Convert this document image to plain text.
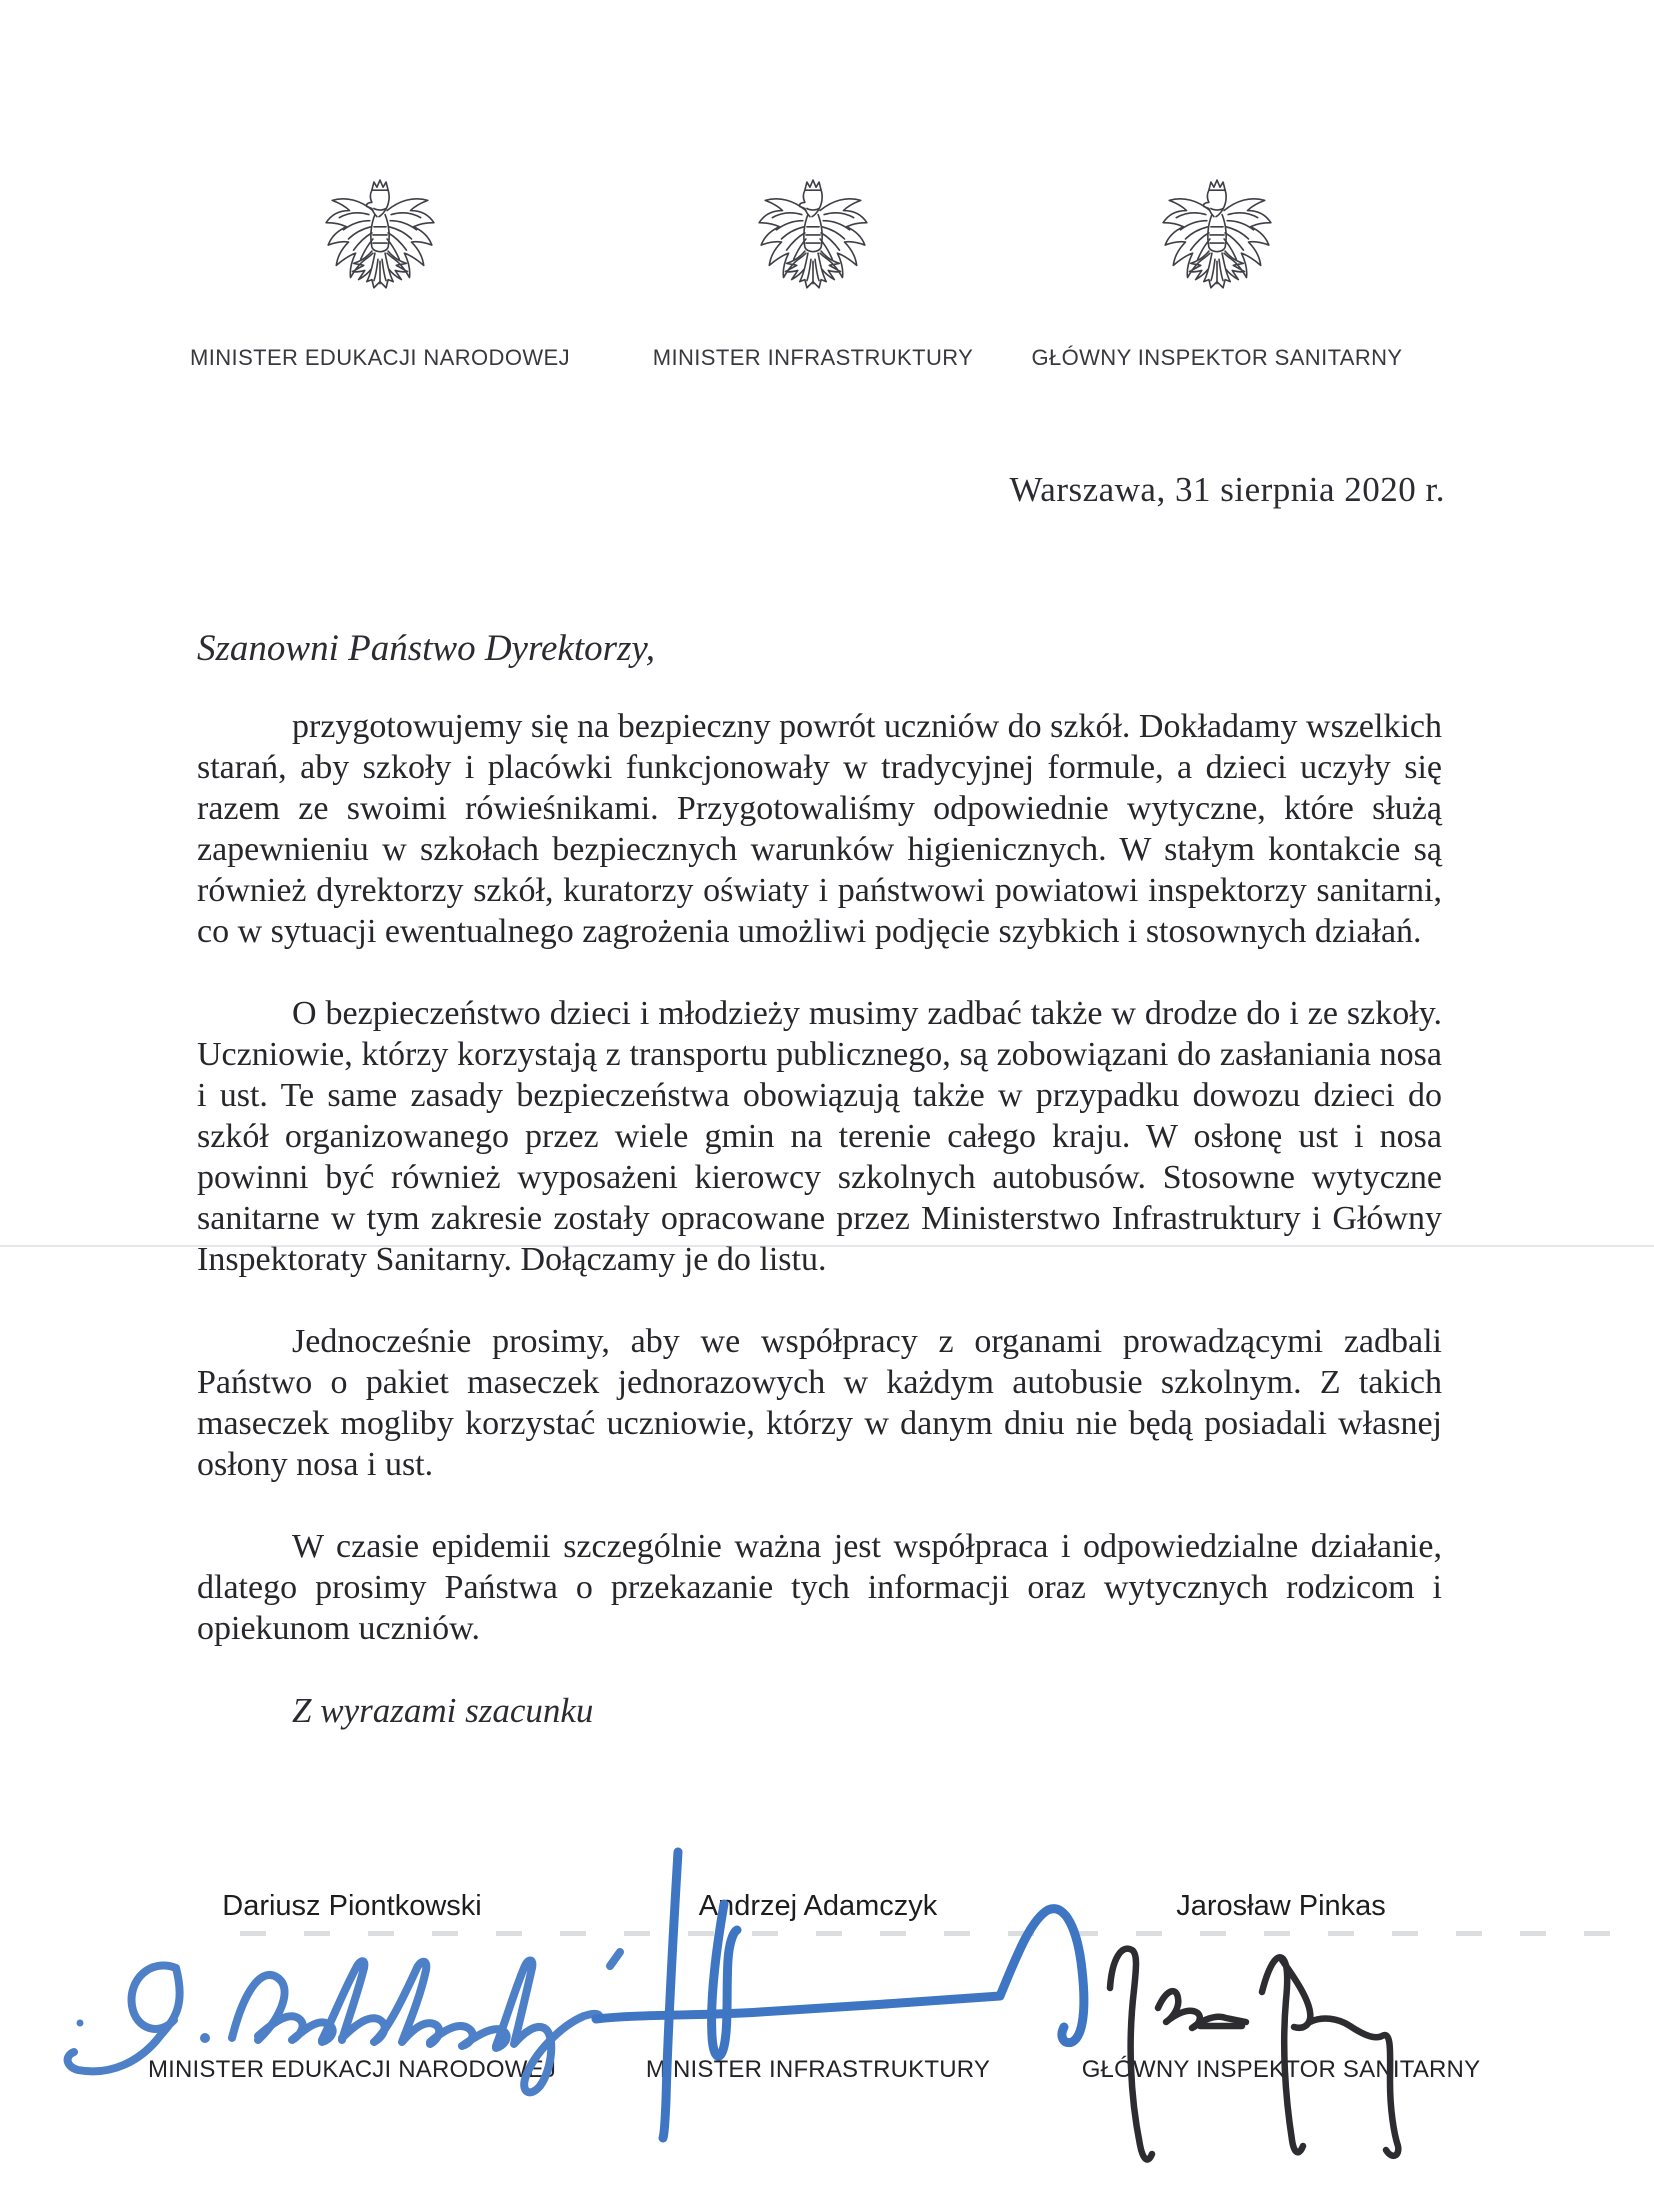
MINISTER EDUKACJI NARODOWEJ	MINISTER INFRASTRUKTURY	GŁÓWNY INSPEKTOR SANITARNY
Warszawa, 31 sierpnia 2020 r.

Szanowni Państwo Dyrektorzy,

przygotowujemy się na bezpieczny powrót uczniów do szkół. Dokładamy wszelkich starań, aby szkoły i placówki funkcjonowały w tradycyjnej formule, a dzieci uczyły się razem ze swoimi rówieśnikami. Przygotowaliśmy odpowiednie wytyczne, które służą zapewnieniu w szkołach bezpiecznych warunków higienicznych. W stałym kontakcie są również dyrektorzy szkół, kuratorzy oświaty i państwowi powiatowi inspektorzy sanitarni, co w sytuacji ewentualnego zagrożenia umożliwi podjęcie szybkich i stosownych działań.

O bezpieczeństwo dzieci i młodzieży musimy zadbać także w drodze do i ze szkoły. Uczniowie, którzy korzystają z transportu publicznego, są zobowiązani do zasłaniania nosa i ust. Te same zasady bezpieczeństwa obowiązują także w przypadku dowozu dzieci do szkół organizowanego przez wiele gmin na terenie całego kraju. W osłonę ust i nosa powinni być również wyposażeni kierowcy szkolnych autobusów. Stosowne wytyczne sanitarne w tym zakresie zostały opracowane przez Ministerstwo Infrastruktury i Główny Inspektoraty Sanitarny. Dołączamy je do listu.

Jednocześnie prosimy, aby we współpracy z organami prowadzącymi zadbali Państwo o pakiet maseczek jednorazowych w każdym autobusie szkolnym. Z takich maseczek mogliby korzystać uczniowie, którzy w danym dniu nie będą posiadali własnej osłony nosa i ust.

W czasie epidemii szczególnie ważna jest współpraca i odpowiedzialne działanie, dlatego prosimy Państwa o przekazanie tych informacji oraz wytycznych rodzicom i opiekunom uczniów.

Z wyrazami szacunku

Dariusz Piontkowski	Andrzej Adamczyk	Jarosław Pinkas
MINISTER EDUKACJI NARODOWEJ	MINISTER INFRASTRUKTURY	GŁÓWNY INSPEKTOR SANITARNY
